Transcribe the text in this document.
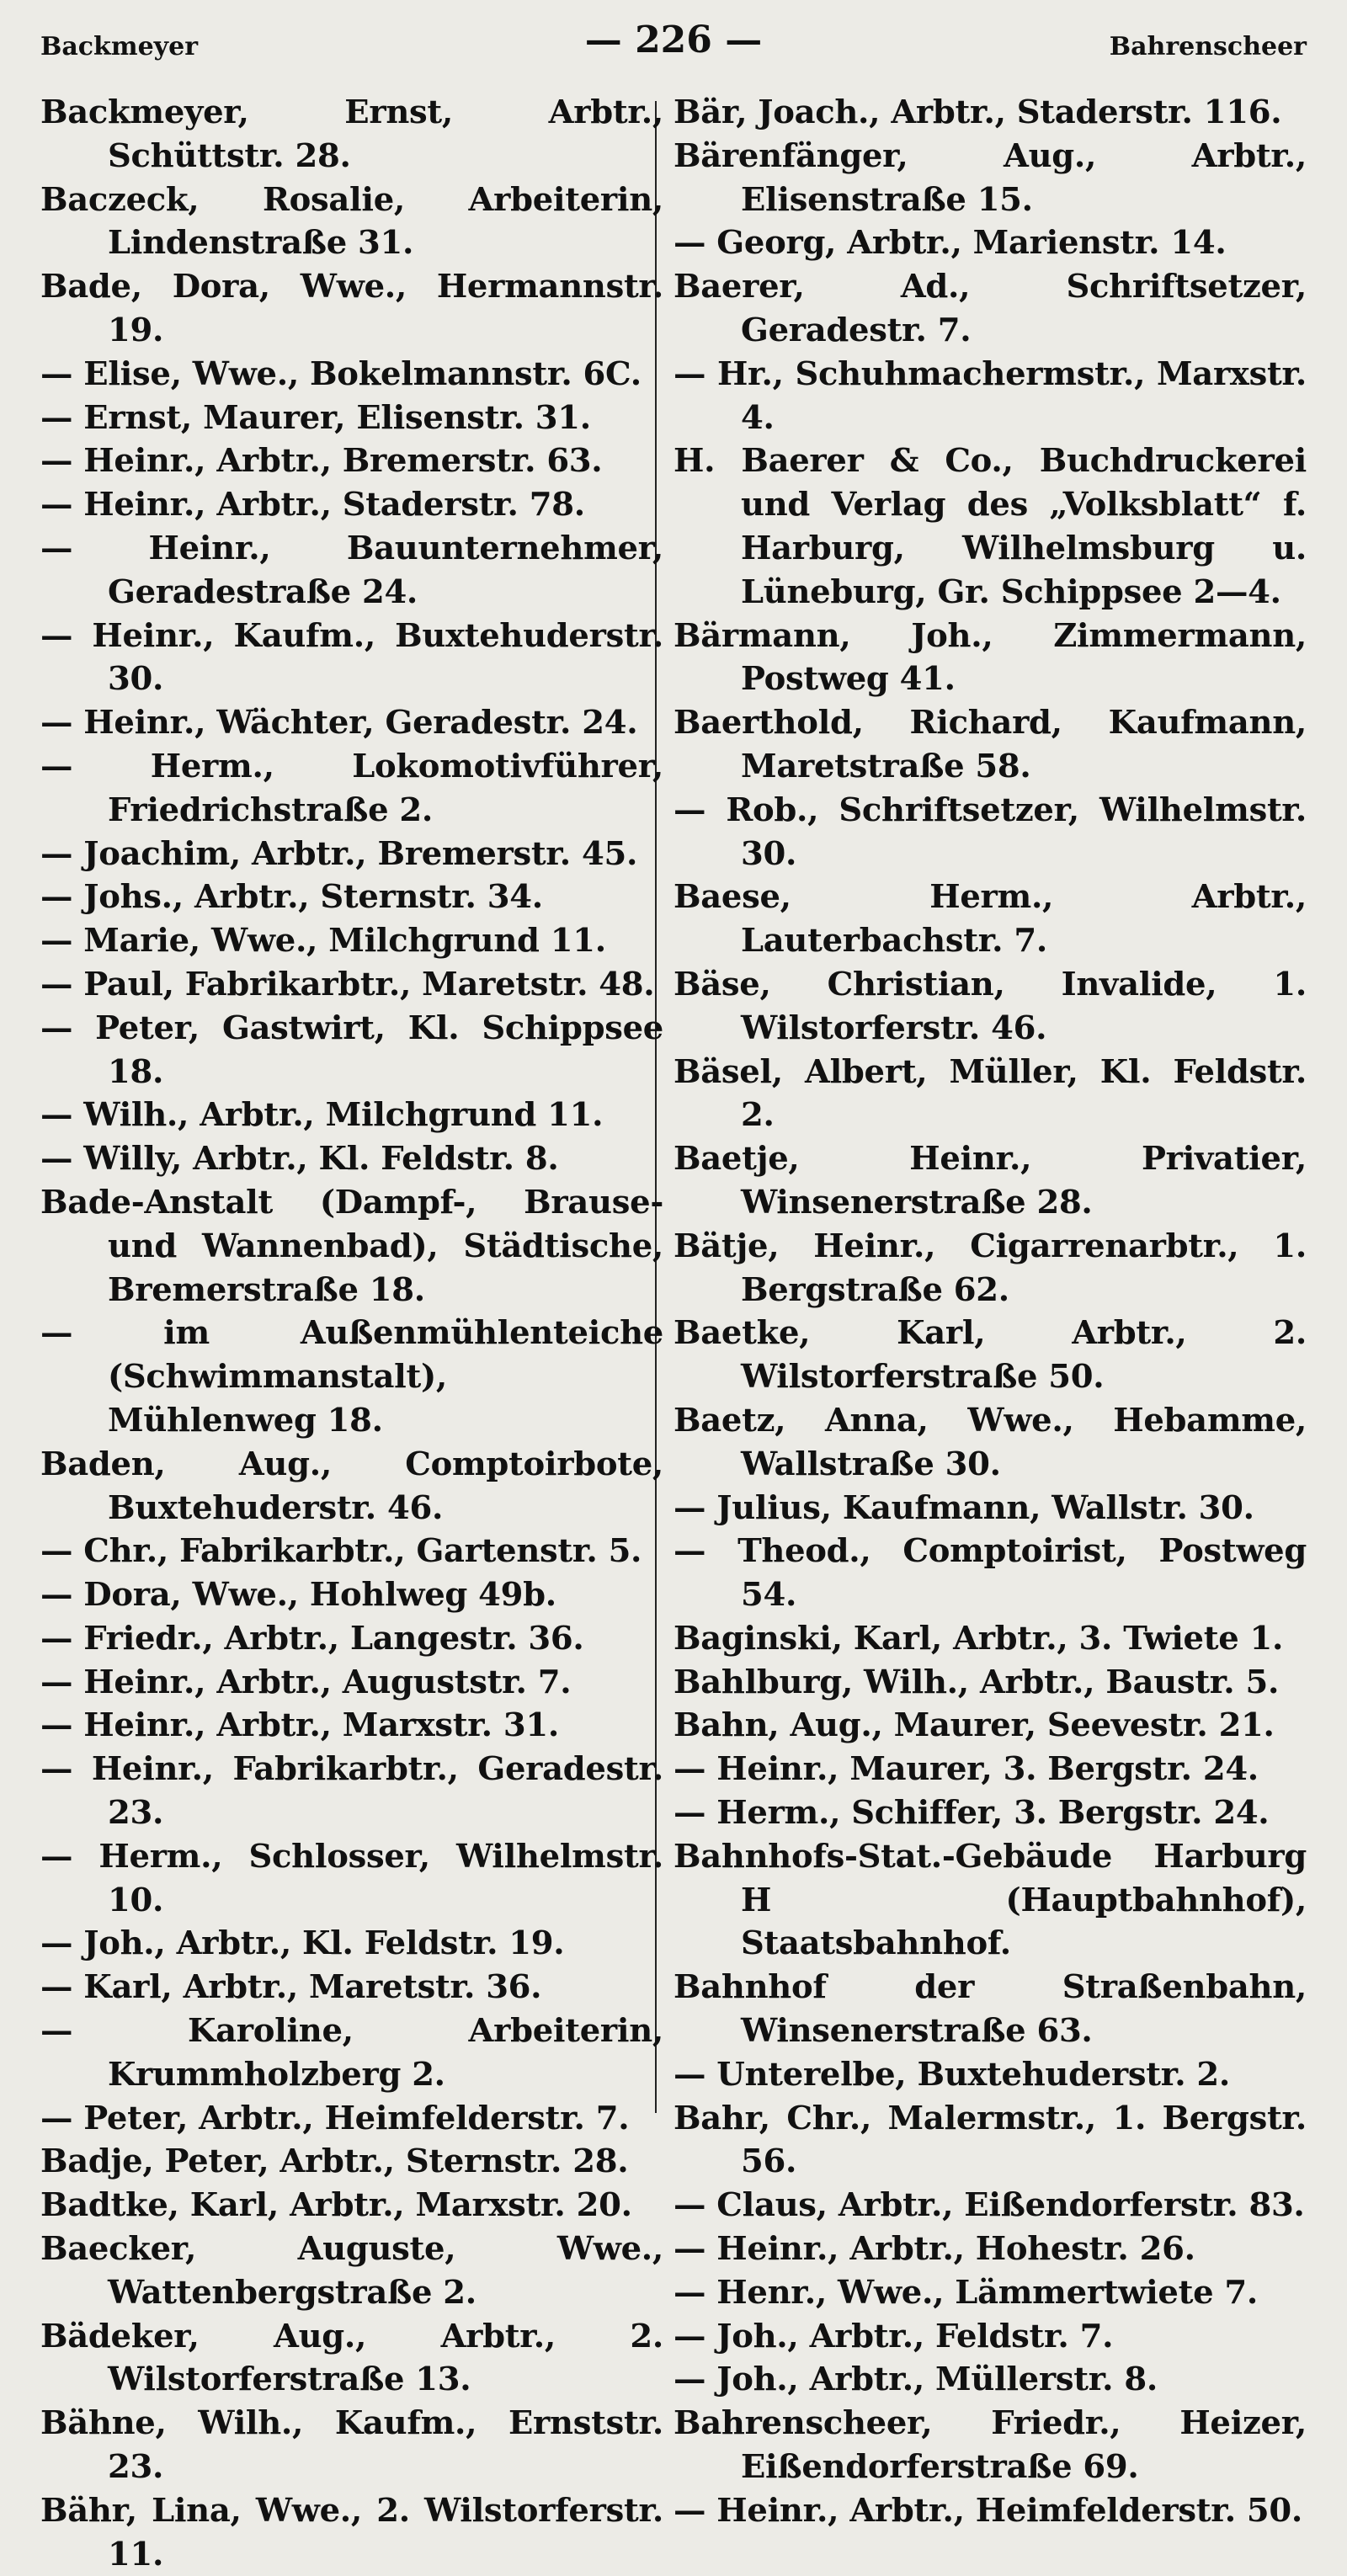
Backmeyer	— 226 —	Bahrenscheer
Backmeyer, Ernst, Arbtr., Schüttstr. 28.
Baczeck, Rosalie, Arbeiterin, Lindenstraße 31.
Bade, Dora, Wwe., Hermannstr. 19.
— Elise, Wwe., Bokelmannstr. 6C.
— Ernst, Maurer, Elisenstr. 31.
— Heinr., Arbtr., Bremerstr. 63.
— Heinr., Arbtr., Staderstr. 78.
— Heinr., Bauunternehmer, Geradestraße 24.
— Heinr., Kaufm., Buxtehuderstr. 30.
— Heinr., Wächter, Geradestr. 24.
— Herm., Lokomotivführer, Friedrichstraße 2.
— Joachim, Arbtr., Bremerstr. 45.
— Johs., Arbtr., Sternstr. 34.
— Marie, Wwe., Milchgrund 11.
— Paul, Fabrikarbtr., Maretstr. 48.
— Peter, Gastwirt, Kl. Schippsee 18.
— Wilh., Arbtr., Milchgrund 11.
— Willy, Arbtr., Kl. Feldstr. 8.
Bade-Anstalt (Dampf-, Brause- und Wannenbad), Städtische, Bremerstraße 18.
— im Außenmühlenteiche (Schwimmanstalt), Mühlenweg 18.
Baden, Aug., Comptoirbote, Buxtehuderstr. 46.
— Chr., Fabrikarbtr., Gartenstr. 5.
— Dora, Wwe., Hohlweg 49b.
— Friedr., Arbtr., Langestr. 36.
— Heinr., Arbtr., Auguststr. 7.
— Heinr., Arbtr., Marxstr. 31.
— Heinr., Fabrikarbtr., Geradestr. 23.
— Herm., Schlosser, Wilhelmstr. 10.
— Joh., Arbtr., Kl. Feldstr. 19.
— Karl, Arbtr., Maretstr. 36.
— Karoline, Arbeiterin, Krummholzberg 2.
— Peter, Arbtr., Heimfelderstr. 7.
Badje, Peter, Arbtr., Sternstr. 28.
Badtke, Karl, Arbtr., Marxstr. 20.
Baecker, Auguste, Wwe., Wattenbergstraße 2.
Bädeker, Aug., Arbtr., 2. Wilstorferstraße 13.
Bähne, Wilh., Kaufm., Ernststr. 23.
Bähr, Lina, Wwe., 2. Wilstorferstr. 11.
Bär, Joach., Arbtr., Staderstr. 116.
Bärenfänger, Aug., Arbtr., Elisenstraße 15.
— Georg, Arbtr., Marienstr. 14.
Baerer, Ad., Schriftsetzer, Geradestr. 7.
— Hr., Schuhmachermstr., Marxstr. 4.
H. Baerer & Co., Buchdruckerei und Verlag des „Volksblatt“ f. Harburg, Wilhelmsburg u. Lüneburg, Gr. Schippsee 2—4.
Bärmann, Joh., Zimmermann, Postweg 41.
Baerthold, Richard, Kaufmann, Maretstraße 58.
— Rob., Schriftsetzer, Wilhelmstr. 30.
Baese, Herm., Arbtr., Lauterbachstr. 7.
Bäse, Christian, Invalide, 1. Wilstorferstr. 46.
Bäsel, Albert, Müller, Kl. Feldstr. 2.
Baetje, Heinr., Privatier, Winsenerstraße 28.
Bätje, Heinr., Cigarrenarbtr., 1. Bergstraße 62.
Baetke, Karl, Arbtr., 2. Wilstorferstraße 50.
Baetz, Anna, Wwe., Hebamme, Wallstraße 30.
— Julius, Kaufmann, Wallstr. 30.
— Theod., Comptoirist, Postweg 54.
Baginski, Karl, Arbtr., 3. Twiete 1.
Bahlburg, Wilh., Arbtr., Baustr. 5.
Bahn, Aug., Maurer, Seevestr. 21.
— Heinr., Maurer, 3. Bergstr. 24.
— Herm., Schiffer, 3. Bergstr. 24.
Bahnhofs-Stat.-Gebäude Harburg H (Hauptbahnhof), Staatsbahnhof.
Bahnhof der Straßenbahn, Winsenerstraße 63.
— Unterelbe, Buxtehuderstr. 2.
Bahr, Chr., Malermstr., 1. Bergstr. 56.
— Claus, Arbtr., Eißendorferstr. 83.
— Heinr., Arbtr., Hohestr. 26.
— Henr., Wwe., Lämmertwiete 7.
— Joh., Arbtr., Feldstr. 7.
— Joh., Arbtr., Müllerstr. 8.
Bahrenscheer, Friedr., Heizer, Eißendorferstraße 69.
— Heinr., Arbtr., Heimfelderstr. 50.
